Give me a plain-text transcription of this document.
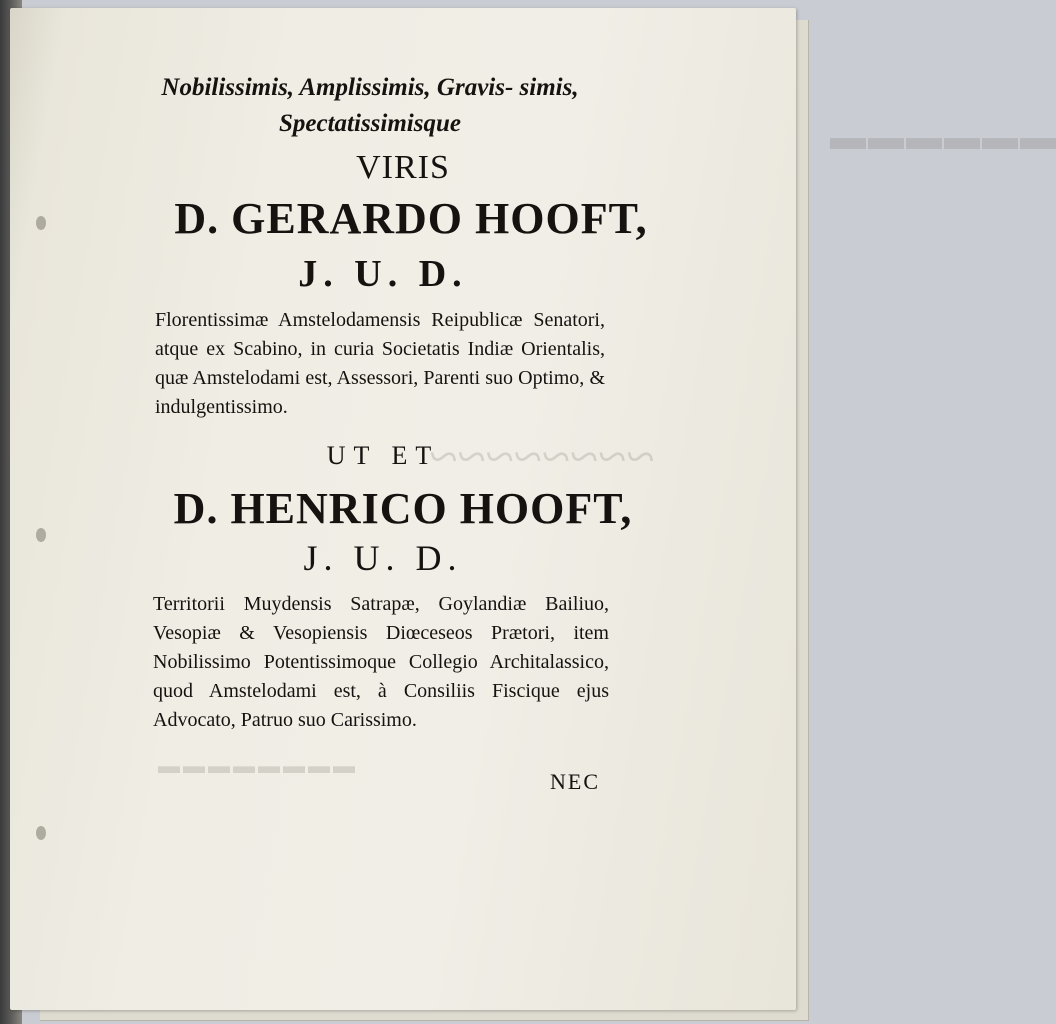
▬▬▬▬▬▬
~~~~~~~~
▬▬▬▬▬▬▬▬
Nobilissimis, Amplissimis, Gravis- simis, Spectatissimisque
VIRIS
D. GERARDO HOOFT,
J. U. D.
Florentissimæ Amstelodamensis Reipublicæ Senatori, atque ex Scabino, in curia Societatis Indiæ Orientalis, quæ Amstelodami est, Assessori, Parenti suo Optimo, & indulgentissimo.
UT ET
D. HENRICO HOOFT,
J. U. D.
Territorii Muydensis Satrapæ, Goylandiæ Bailiuo, Vesopiæ & Vesopiensis Diœceseos Prætori, item Nobilissimo Potentissimoque Collegio Architalassico, quod Amstelodami est, à Consiliis Fiscique ejus Advocato, Patruo suo Carissimo.
NEC
